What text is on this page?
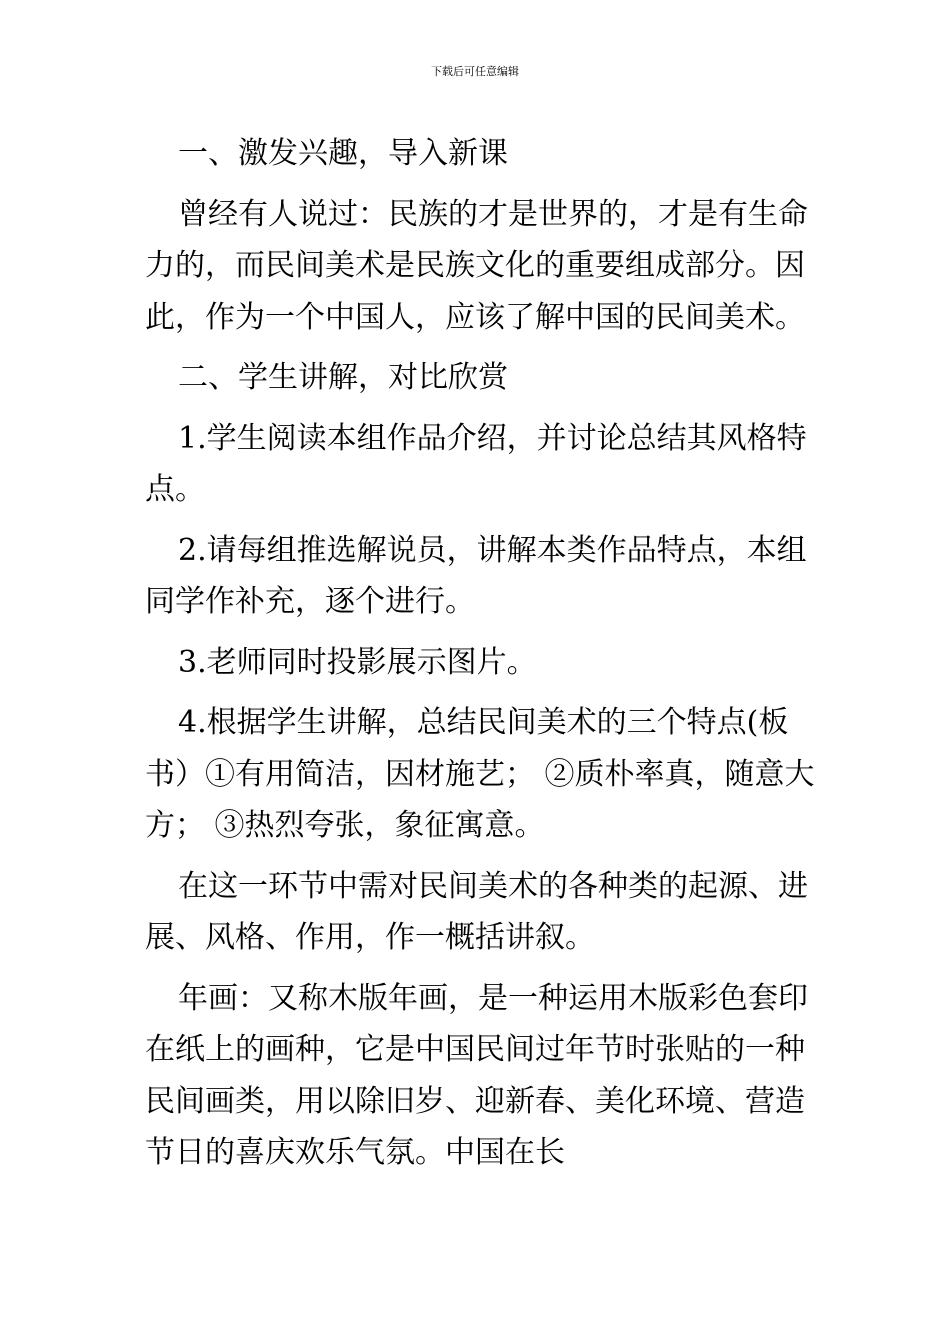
下载后可任意编辑

一、激发兴趣，导入新课

曾经有人说过：民族的才是世界的，才是有生命力的，而民间美术是民族文化的重要组成部分。因此，作为一个中国人，应该了解中国的民间美术。

二、学生讲解，对比欣赏

1.学生阅读本组作品介绍，并讨论总结其风格特点。

2.请每组推选解说员，讲解本类作品特点，本组同学作补充，逐个进行。

3.老师同时投影展示图片。

4.根据学生讲解，总结民间美术的三个特点(板书）①有用简洁，因材施艺； ②质朴率真，随意大方； ③热烈夸张，象征寓意。

在这一环节中需对民间美术的各种类的起源、进展、风格、作用，作一概括讲叙。

年画：又称木版年画，是一种运用木版彩色套印在纸上的画种，它是中国民间过年节时张贴的一种民间画类，用以除旧岁、迎新春、美化环境、营造节日的喜庆欢乐气氛。中国在长
